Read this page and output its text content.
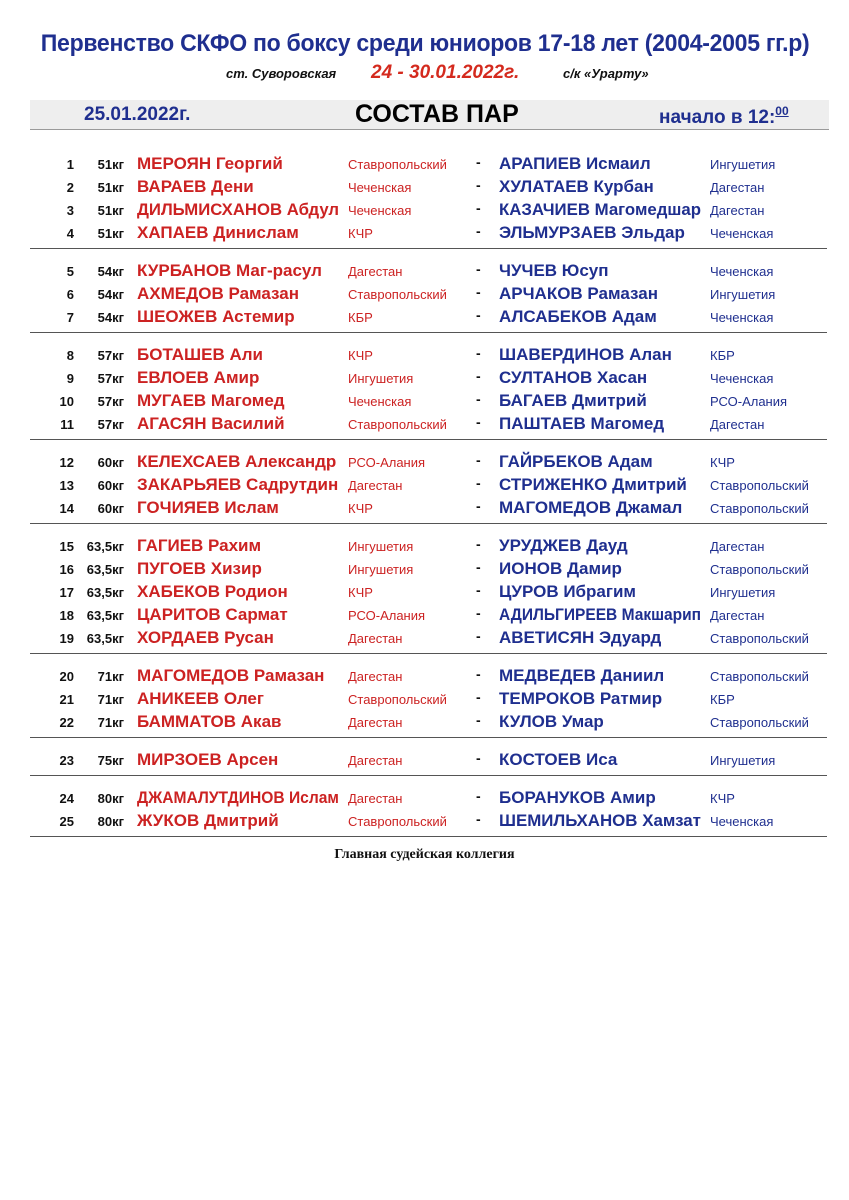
Первенство СКФО по боксу среди юниоров 17-18 лет (2004-2005 гг.р)
ст. Суворовская 24 - 30.01.2022г.	с/к «Урарту»
25.01.2022г.	СОСТАВ ПАР	начало в 12:$^{00}$
1	51кг МЕРОЯН Георгий	Ставропольский - АРАПИЕВ Исмаил	Ингушетия
2	51кг ВАРАЕВ Дени	Чеченская	- ХУЛАТАЕВ Курбан	Дагестан
3	51кг ДИЛЬМИСХАНОВ Абдул Чеченская	- КАЗАЧИЕВ Магомедшар Дагестан
4	51кг ХАПАЕВ Динислам	КЧР	- ЭЛЬМУРЗАЕВ Эльдар Чеченская
5	54кг КУРБАНОВ Маг-расул Дагестан	- ЧУЧЕВ Юсуп	Чеченская
6	54кг АХМЕДОВ Рамазан	Ставропольский - АРЧАКОВ Рамазан	Ингушетия
7	54кг ШЕОЖЕВ Астемир	КБР	- АЛСАБЕКОВ Адам	Чеченская
8	57кг БОТАШЕВ Али	КЧР	- ШАВЕРДИНОВ Алан	КБР
9	57кг ЕВЛОЕВ Амир	Ингушетия	- СУЛТАНОВ Хасан	Чеченская
10	57кг МУГАЕВ Магомед	Чеченская	- БАГАЕВ Дмитрий	РСО-Алания
11	57кг АГАСЯН Василий	Ставропольский - ПАШТАЕВ Магомед	Дагестан
12	60кг КЕЛЕХСАЕВ Александр РСО-Алания	- ГАЙРБЕКОВ Адам	КЧР
13	60кг ЗАКАРЬЯЕВ Садрутдин Дагестан	- СТРИЖЕНКО Дмитрий Ставропольский
14	60кг ГОЧИЯЕВ Ислам	КЧР	- МАГОМЕДОВ Джамал Ставропольский
15 63,5кг ГАГИЕВ Рахим	Ингушетия	- УРУДЖЕВ Дауд	Дагестан
16 63,5кг ПУГОЕВ Хизир	Ингушетия	- ИОНОВ Дамир	Ставропольский
17 63,5кг ХАБЕКОВ Родион	КЧР	- ЦУРОВ Ибрагим	Ингушетия
18 63,5кг ЦАРИТОВ Сармат	РСО-Алания	- АДИЛЬГИРЕЕВ Макшарип Дагестан
19 63,5кг ХОРДАЕВ Русан	Дагестан	- АВЕТИСЯН Эдуард	Ставропольский
20	71кг МАГОМЕДОВ Рамазан Дагестан	- МЕДВЕДЕВ Даниил	Ставропольский
21	71кг АНИКЕЕВ Олег	Ставропольский - ТЕМРОКОВ Ратмир	КБР
22	71кг БАММАТОВ Акав	Дагестан	- КУЛОВ Умар	Ставропольский
23	75кг МИРЗОЕВ Арсен	Дагестан	- КОСТОЕВ Иса	Ингушетия
24	80кг ДЖАМАЛУТДИНОВ Ислам Дагестан	- БОРАНУКОВ Амир	КЧР
25	80кг ЖУКОВ Дмитрий	Ставропольский - ШЕМИЛЬХАНОВ Хамзат Чеченская
Главная судейская коллегия
